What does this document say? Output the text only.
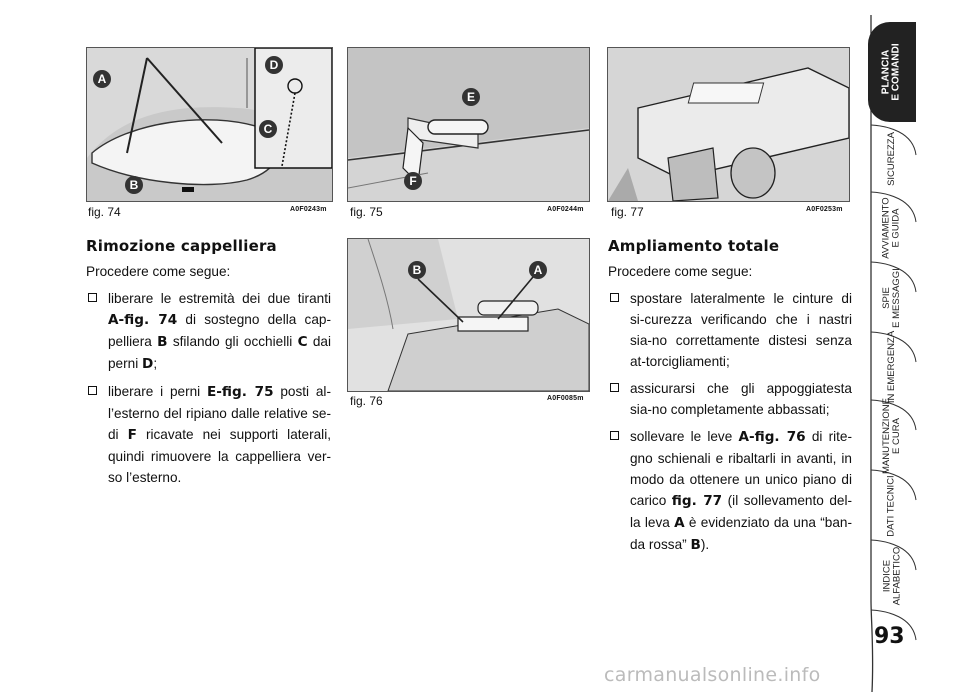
A
B
C
D
fig. 74	A0F0243m
E
F
fig. 75	A0F0244m fig. 77	A0F0253m
B	A
fig. 76	A0F0085m
Rimozione cappelliera

Procedere come segue:

liberare le estremità dei due tiranti A-fig. 74 di sostegno della cap-pelliera B sfilando gli occhielli C dai perni D;
liberare i perni E-fig. 75 posti al-l’esterno del ripiano dalle relative se-di F ricavate nei supporti laterali, quindi rimuovere la cappelliera ver-so l’esterno.
Ampliamento totale

Procedere come segue:

spostare lateralmente le cinture di si-curezza verificando che i nastri sia-no correttamente distesi senza at-torcigliamenti;
assicurarsi che gli appoggiatesta sia-no completamente abbassati;
sollevare le leve A-fig. 76 di rite-gno schienali e ribaltarli in avanti, in modo da ottenere un unico piano di carico fig. 77 (il sollevamento del-la leva A è evidenziato da una “ban-da rossa” B).
PLANCIA
E COMANDI
SICUREZZA
AVVIAMENTO
E GUIDA
SPIE
E MESSAGGI
IN EMERGENZA
MANUTENZIONE
E CURA
DATI TECNICI
INDICE
ALFABETICO
93
carmanualsonline.info
